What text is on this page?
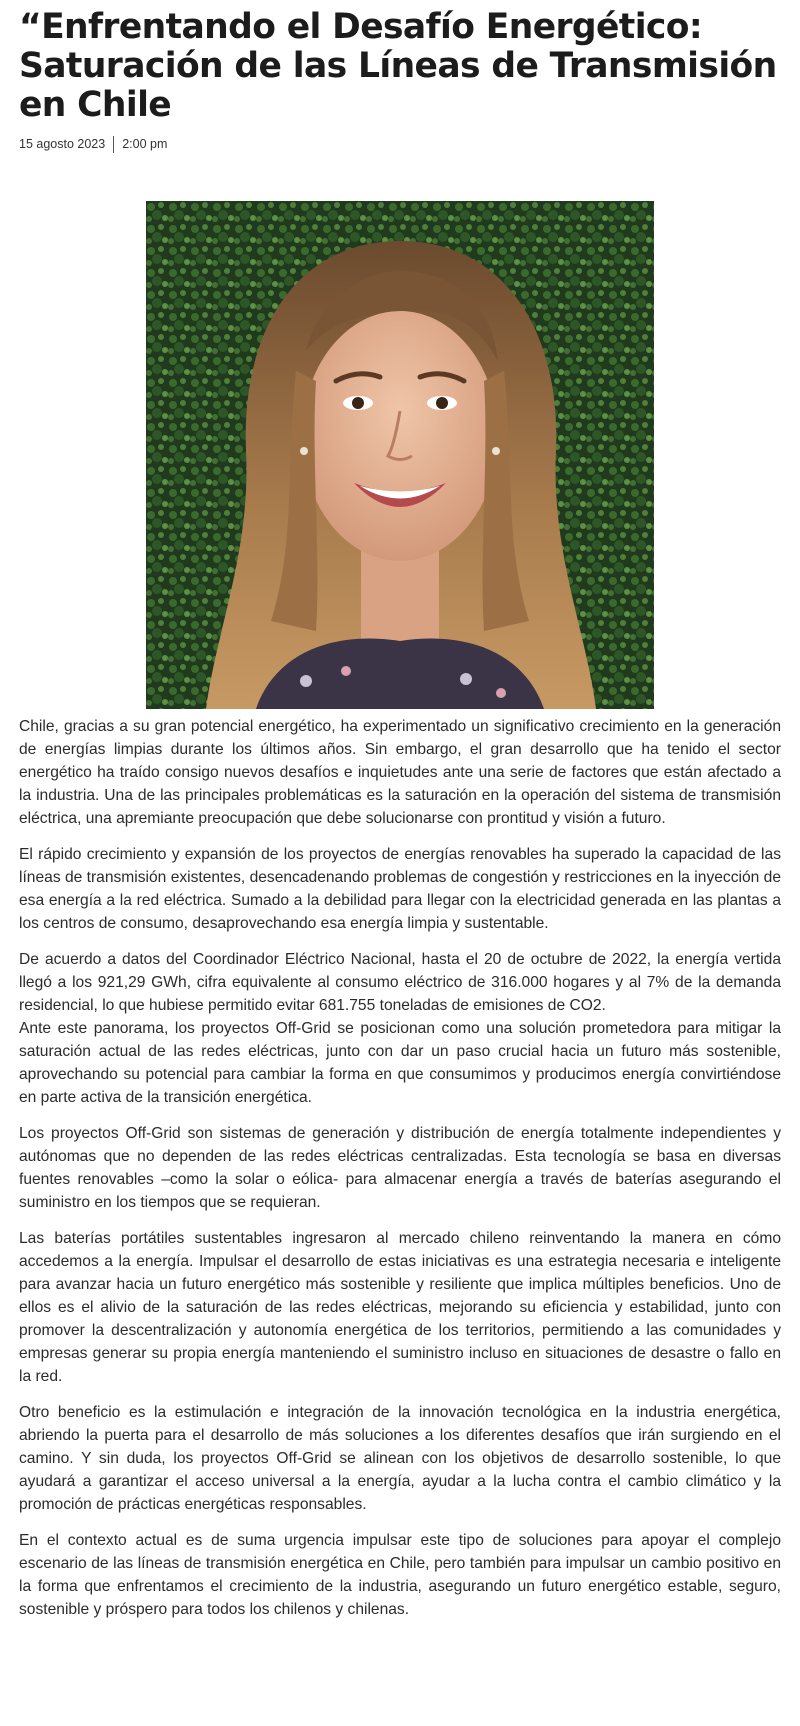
“Enfrentando el Desafío Energético: Saturación de las Líneas de Transmisión en Chile
15 agosto 2023 2:00 pm

Chile, gracias a su gran potencial energético, ha experimentado un significativo crecimiento en la generación de energías limpias durante los últimos años. Sin embargo, el gran desarrollo que ha tenido el sector energético ha traído consigo nuevos desafíos e inquietudes ante una serie de factores que están afectado a la industria. Una de las principales problemáticas es la saturación en la operación del sistema de transmisión eléctrica, una apremiante preocupación que debe solucionarse con prontitud y visión a futuro.

El rápido crecimiento y expansión de los proyectos de energías renovables ha superado la capacidad de las líneas de transmisión existentes, desencadenando problemas de congestión y restricciones en la inyección de esa energía a la red eléctrica. Sumado a la debilidad para llegar con la electricidad generada en las plantas a los centros de consumo, desaprovechando esa energía limpia y sustentable.

De acuerdo a datos del Coordinador Eléctrico Nacional, hasta el 20 de octubre de 2022, la energía vertida llegó a los 921,29 GWh, cifra equivalente al consumo eléctrico de 316.000 hogares y al 7% de la demanda residencial, lo que hubiese permitido evitar 681.755 toneladas de emisiones de CO2.

Ante este panorama, los proyectos Off-Grid se posicionan como una solución prometedora para mitigar la saturación actual de las redes eléctricas, junto con dar un paso crucial hacia un futuro más sostenible, aprovechando su potencial para cambiar la forma en que consumimos y producimos energía convirtiéndose en parte activa de la transición energética.

Los proyectos Off-Grid son sistemas de generación y distribución de energía totalmente independientes y autónomas que no dependen de las redes eléctricas centralizadas. Esta tecnología se basa en diversas fuentes renovables –como la solar o eólica- para almacenar energía a través de baterías asegurando el suministro en los tiempos que se requieran.

Las baterías portátiles sustentables ingresaron al mercado chileno reinventando la manera en cómo accedemos a la energía. Impulsar el desarrollo de estas iniciativas es una estrategia necesaria e inteligente para avanzar hacia un futuro energético más sostenible y resiliente que implica múltiples beneficios. Uno de ellos es el alivio de la saturación de las redes eléctricas, mejorando su eficiencia y estabilidad, junto con promover la descentralización y autonomía energética de los territorios, permitiendo a las comunidades y empresas generar su propia energía manteniendo el suministro incluso en situaciones de desastre o fallo en la red.

Otro beneficio es la estimulación e integración de la innovación tecnológica en la industria energética, abriendo la puerta para el desarrollo de más soluciones a los diferentes desafíos que irán surgiendo en el camino. Y sin duda, los proyectos Off-Grid se alinean con los objetivos de desarrollo sostenible, lo que ayudará a garantizar el acceso universal a la energía, ayudar a la lucha contra el cambio climático y la promoción de prácticas energéticas responsables.

En el contexto actual es de suma urgencia impulsar este tipo de soluciones para apoyar el complejo escenario de las líneas de transmisión energética en Chile, pero también para impulsar un cambio positivo en la forma que enfrentamos el crecimiento de la industria, asegurando un futuro energético estable, seguro, sostenible y próspero para todos los chilenos y chilenas.
